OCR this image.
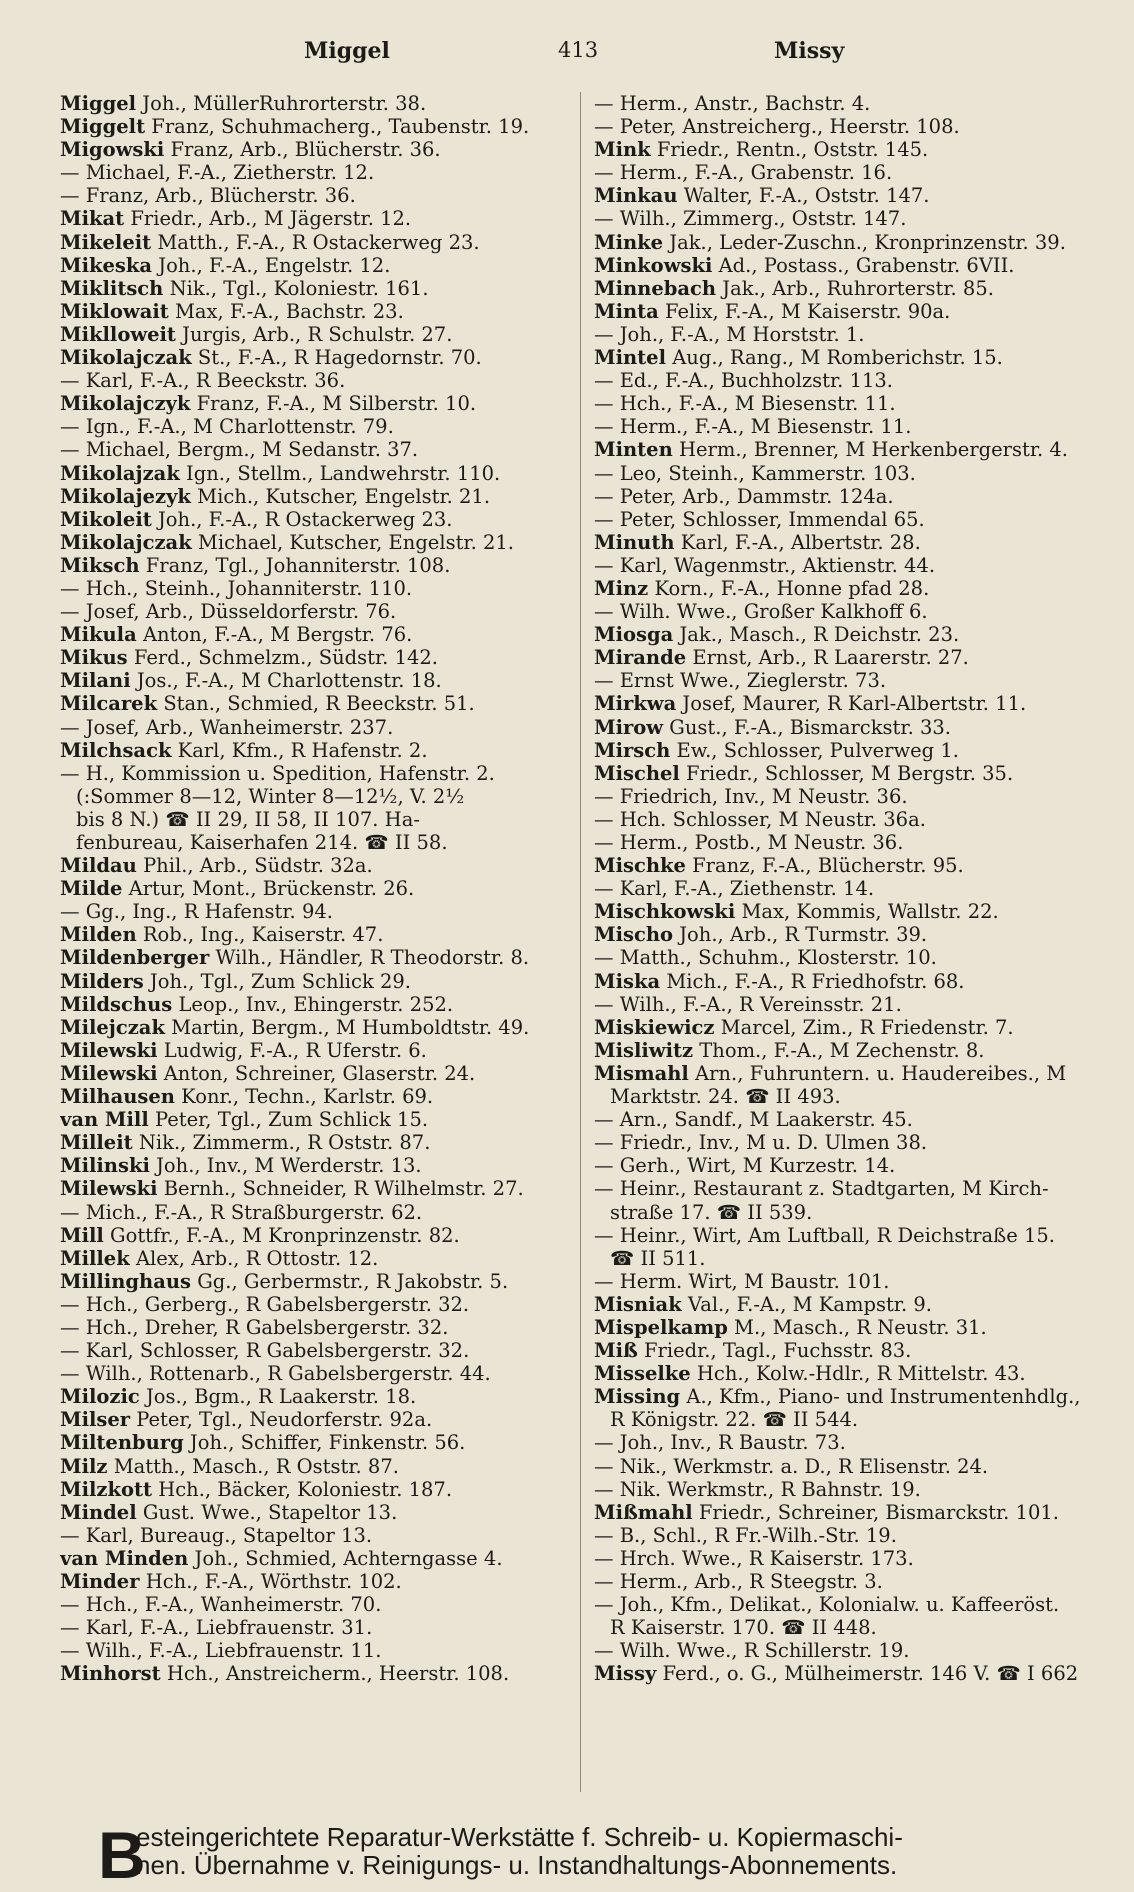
Miggel	413	Missy
Miggel Joh., MüllerRuhrorterstr. 38.
Miggelt Franz, Schuhmacherg., Taubenstr. 19.
Migowski Franz, Arb., Blücherstr. 36.
— Michael, F.-A., Zietherstr. 12.
— Franz, Arb., Blücherstr. 36.
Mikat Friedr., Arb., M Jägerstr. 12.
Mikeleit Matth., F.-A., R Ostackerweg 23.
Mikeska Joh., F.-A., Engelstr. 12.
Miklitsch Nik., Tgl., Koloniestr. 161.
Miklowait Max, F.-A., Bachstr. 23.
Miklloweit Jurgis, Arb., R Schulstr. 27.
Mikolajczak St., F.-A., R Hagedornstr. 70.
— Karl, F.-A., R Beeckstr. 36.
Mikolajczyk Franz, F.-A., M Silberstr. 10.
— Ign., F.-A., M Charlottenstr. 79.
— Michael, Bergm., M Sedanstr. 37.
Mikolajzak Ign., Stellm., Landwehrstr. 110.
Mikolajezyk Mich., Kutscher, Engelstr. 21.
Mikoleit Joh., F.-A., R Ostackerweg 23.
Mikolajczak Michael, Kutscher, Engelstr. 21.
Miksch Franz, Tgl., Johanniterstr. 108.
— Hch., Steinh., Johanniterstr. 110.
— Josef, Arb., Düsseldorferstr. 76.
Mikula Anton, F.-A., M Bergstr. 76.
Mikus Ferd., Schmelzm., Südstr. 142.
Milani Jos., F.-A., M Charlottenstr. 18.
Milcarek Stan., Schmied, R Beeckstr. 51.
— Josef, Arb., Wanheimerstr. 237.
Milchsack Karl, Kfm., R Hafenstr. 2.
— H., Kommission u. Spedition, Hafenstr. 2.
(:Sommer 8—12, Winter 8—12½, V. 2½
bis 8 N.) ☎ II 29, II 58, II 107. Ha-
fenbureau, Kaiserhafen 214. ☎ II 58.
Mildau Phil., Arb., Südstr. 32a.
Milde Artur, Mont., Brückenstr. 26.
— Gg., Ing., R Hafenstr. 94.
Milden Rob., Ing., Kaiserstr. 47.
Mildenberger Wilh., Händler, R Theodorstr. 8.
Milders Joh., Tgl., Zum Schlick 29.
Mildschus Leop., Inv., Ehingerstr. 252.
Milejczak Martin, Bergm., M Humboldtstr. 49.
Milewski Ludwig, F.-A., R Uferstr. 6.
Milewski Anton, Schreiner, Glaserstr. 24.
Milhausen Konr., Techn., Karlstr. 69.
van Mill Peter, Tgl., Zum Schlick 15.
Milleit Nik., Zimmerm., R Oststr. 87.
Milinski Joh., Inv., M Werderstr. 13.
Milewski Bernh., Schneider, R Wilhelmstr. 27.
— Mich., F.-A., R Straßburgerstr. 62.
Mill Gottfr., F.-A., M Kronprinzenstr. 82.
Millek Alex, Arb., R Ottostr. 12.
Millinghaus Gg., Gerbermstr., R Jakobstr. 5.
— Hch., Gerberg., R Gabelsbergerstr. 32.
— Hch., Dreher, R Gabelsbergerstr. 32.
— Karl, Schlosser, R Gabelsbergerstr. 32.
— Wilh., Rottenarb., R Gabelsbergerstr. 44.
Milozic Jos., Bgm., R Laakerstr. 18.
Milser Peter, Tgl., Neudorferstr. 92a.
Miltenburg Joh., Schiffer, Finkenstr. 56.
Milz Matth., Masch., R Oststr. 87.
Milzkott Hch., Bäcker, Koloniestr. 187.
Mindel Gust. Wwe., Stapeltor 13.
— Karl, Bureaug., Stapeltor 13.
van Minden Joh., Schmied, Achterngasse 4.
Minder Hch., F.-A., Wörthstr. 102.
— Hch., F.-A., Wanheimerstr. 70.
— Karl, F.-A., Liebfrauenstr. 31.
— Wilh., F.-A., Liebfrauenstr. 11.
Minhorst Hch., Anstreicherm., Heerstr. 108.
— Herm., Anstr., Bachstr. 4.
— Peter, Anstreicherg., Heerstr. 108.
Mink Friedr., Rentn., Oststr. 145.
— Herm., F.-A., Grabenstr. 16.
Minkau Walter, F.-A., Oststr. 147.
— Wilh., Zimmerg., Oststr. 147.
Minke Jak., Leder-Zuschn., Kronprinzenstr. 39.
Minkowski Ad., Postass., Grabenstr. 6VII.
Minnebach Jak., Arb., Ruhrorterstr. 85.
Minta Felix, F.-A., M Kaiserstr. 90a.
— Joh., F.-A., M Horststr. 1.
Mintel Aug., Rang., M Romberichstr. 15.
— Ed., F.-A., Buchholzstr. 113.
— Hch., F.-A., M Biesenstr. 11.
— Herm., F.-A., M Biesenstr. 11.
Minten Herm., Brenner, M Herkenbergerstr. 4.
— Leo, Steinh., Kammerstr. 103.
— Peter, Arb., Dammstr. 124a.
— Peter, Schlosser, Immendal 65.
Minuth Karl, F.-A., Albertstr. 28.
— Karl, Wagenmstr., Aktienstr. 44.
Minz Korn., F.-A., Honne pfad 28.
— Wilh. Wwe., Großer Kalkhoff 6.
Miosga Jak., Masch., R Deichstr. 23.
Mirande Ernst, Arb., R Laarerstr. 27.
— Ernst Wwe., Zieglerstr. 73.
Mirkwa Josef, Maurer, R Karl-Albertstr. 11.
Mirow Gust., F.-A., Bismarckstr. 33.
Mirsch Ew., Schlosser, Pulverweg 1.
Mischel Friedr., Schlosser, M Bergstr. 35.
— Friedrich, Inv., M Neustr. 36.
— Hch. Schlosser, M Neustr. 36a.
— Herm., Postb., M Neustr. 36.
Mischke Franz, F.-A., Blücherstr. 95.
— Karl, F.-A., Ziethenstr. 14.
Mischkowski Max, Kommis, Wallstr. 22.
Mischo Joh., Arb., R Turmstr. 39.
— Matth., Schuhm., Klosterstr. 10.
Miska Mich., F.-A., R Friedhofstr. 68.
— Wilh., F.-A., R Vereinsstr. 21.
Miskiewicz Marcel, Zim., R Friedenstr. 7.
Misliwitz Thom., F.-A., M Zechenstr. 8.
Mismahl Arn., Fuhruntern. u. Haudereibes., M
Marktstr. 24. ☎ II 493.
— Arn., Sandf., M Laakerstr. 45.
— Friedr., Inv., M u. D. Ulmen 38.
— Gerh., Wirt, M Kurzestr. 14.
— Heinr., Restaurant z. Stadtgarten, M Kirch-
straße 17. ☎ II 539.
— Heinr., Wirt, Am Luftball, R Deichstraße 15.
☎ II 511.
— Herm. Wirt, M Baustr. 101.
Misniak Val., F.-A., M Kampstr. 9.
Mispelkamp M., Masch., R Neustr. 31.
Miß Friedr., Tagl., Fuchsstr. 83.
Misselke Hch., Kolw.-Hdlr., R Mittelstr. 43.
Missing A., Kfm., Piano- und Instrumentenhdlg.,
R Königstr. 22. ☎ II 544.
— Joh., Inv., R Baustr. 73.
— Nik., Werkmstr. a. D., R Elisenstr. 24.
— Nik. Werkmstr., R Bahnstr. 19.
Mißmahl Friedr., Schreiner, Bismarckstr. 101.
— B., Schl., R Fr.-Wilh.-Str. 19.
— Hrch. Wwe., R Kaiserstr. 173.
— Herm., Arb., R Steegstr. 3.
— Joh., Kfm., Delikat., Kolonialw. u. Kaffeeröst.
R Kaiserstr. 170. ☎ II 448.
— Wilh. Wwe., R Schillerstr. 19.
Missy Ferd., o. G., Mülheimerstr. 146 V. ☎ I 662
B
esteingerichtete Reparatur-Werkstätte f. Schreib- u. Kopiermaschi-
nen. Übernahme v. Reinigungs- u. Instandhaltungs-Abonnements.
